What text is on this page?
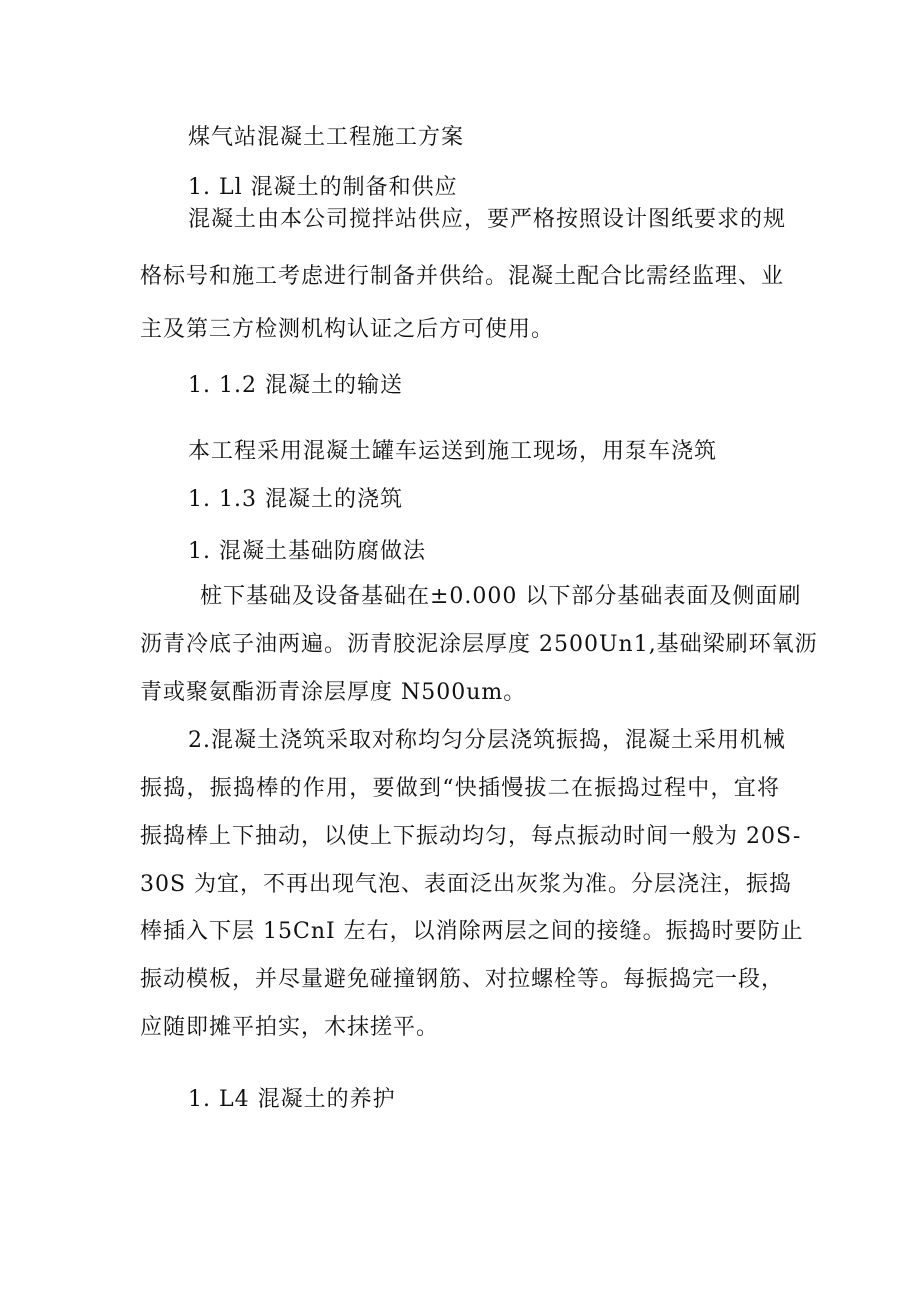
煤气站混凝土工程施工方案

1. Ll 混凝土的制备和供应

混凝土由本公司搅拌站供应，要严格按照设计图纸要求的规

格标号和施工考虑进行制备并供给。混凝土配合比需经监理、业

主及第三方检测机构认证之后方可使用。

1. 1.2 混凝土的输送

本工程采用混凝土罐车运送到施工现场，用泵车浇筑

1. 1.3 混凝土的浇筑

1. 混凝土基础防腐做法

桩下基础及设备基础在±0.000 以下部分基础表面及侧面刷

沥青冷底子油两遍。沥青胶泥涂层厚度 2500Un1,基础梁刷环氧沥

青或聚氨酯沥青涂层厚度 N500um。

2.混凝土浇筑采取对称均匀分层浇筑振捣，混凝土采用机械

振捣，振捣棒的作用，要做到“快插慢拔二在振捣过程中，宜将

振捣棒上下抽动，以使上下振动均匀，每点振动时间一般为 20S-

30S 为宜，不再出现气泡、表面泛出灰浆为准。分层浇注，振捣

棒插入下层 15CnI 左右，以消除两层之间的接缝。振捣时要防止

振动模板，并尽量避免碰撞钢筋、对拉螺栓等。每振捣完一段，

应随即摊平拍实，木抹搓平。

1. L4 混凝土的养护
